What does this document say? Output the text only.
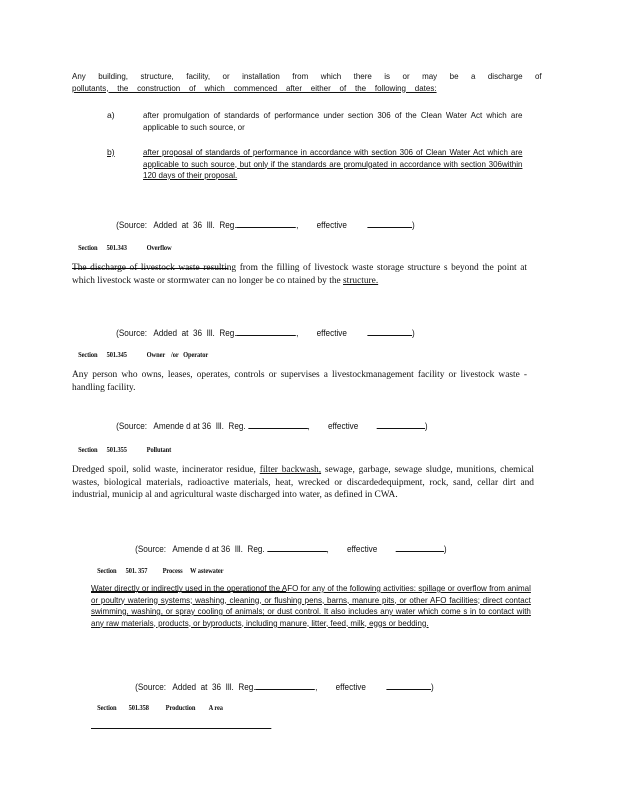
Any building, structure, facility, or installation from which there is or may be a discharge of
pollutants, the construction of which commenced after either of the following dates:
a)	after promulgation of standards of performance under section 306 of the Clean Water Act which are applicable to such source, or
b)	after proposal of standards of performance in accordance with section 306 of Clean Water Act which are applicable to such source, but only if the standards are promulgated in accordance with section 306within 120 days of their proposal.

(Source:   Added  at  36  Ill.  Reg.	, effective	)

Section      501.343             Overflow

The discharge of livestock waste resulting from the filling of livestock waste storage structure s beyond the point at which livestock waste or stormwater can no longer be co ntained by the structure.

(Source:   Added  at  36  Ill.  Reg.	, effective	)

Section      501.345             Owner    /or   Operator

Any person who owns, leases, operates, controls or supervises a livestockmanagement facility or livestock waste -handling facility.

(Source:   Amende d at 36  Ill.  Reg.	, effective	)

Section      501.355             Pollutant

Dredged spoil, solid waste, incinerator residue, filter backwash, sewage, garbage, sewage sludge, munitions, chemical wastes, biological materials, radioactive materials, heat, wrecked or discardedequipment, rock, sand, cellar dirt and industrial, municip al and agricultural waste discharged into water, as defined in CWA.

(Source:   Amende d at 36  Ill.  Reg.	, effective	)

Section      501. 357          Process     W astewater

Water directly or indirectly used in the operationof the AFO for any of the following activities: spillage or overflow from animal or poultry watering systems; washing, cleaning, or flushing pens, barns, manure pits, or other AFO facilities; direct contact swimming, washing, or spray cooling of animals; or dust control. It also includes any water which come s in to contact with any raw materials, products, or byproducts, including manure, litter, feed, milk, eggs or bedding.

(Source:   Added  at  36  Ill.  Reg.	, effective	)

Section        501.358           Production         A rea
